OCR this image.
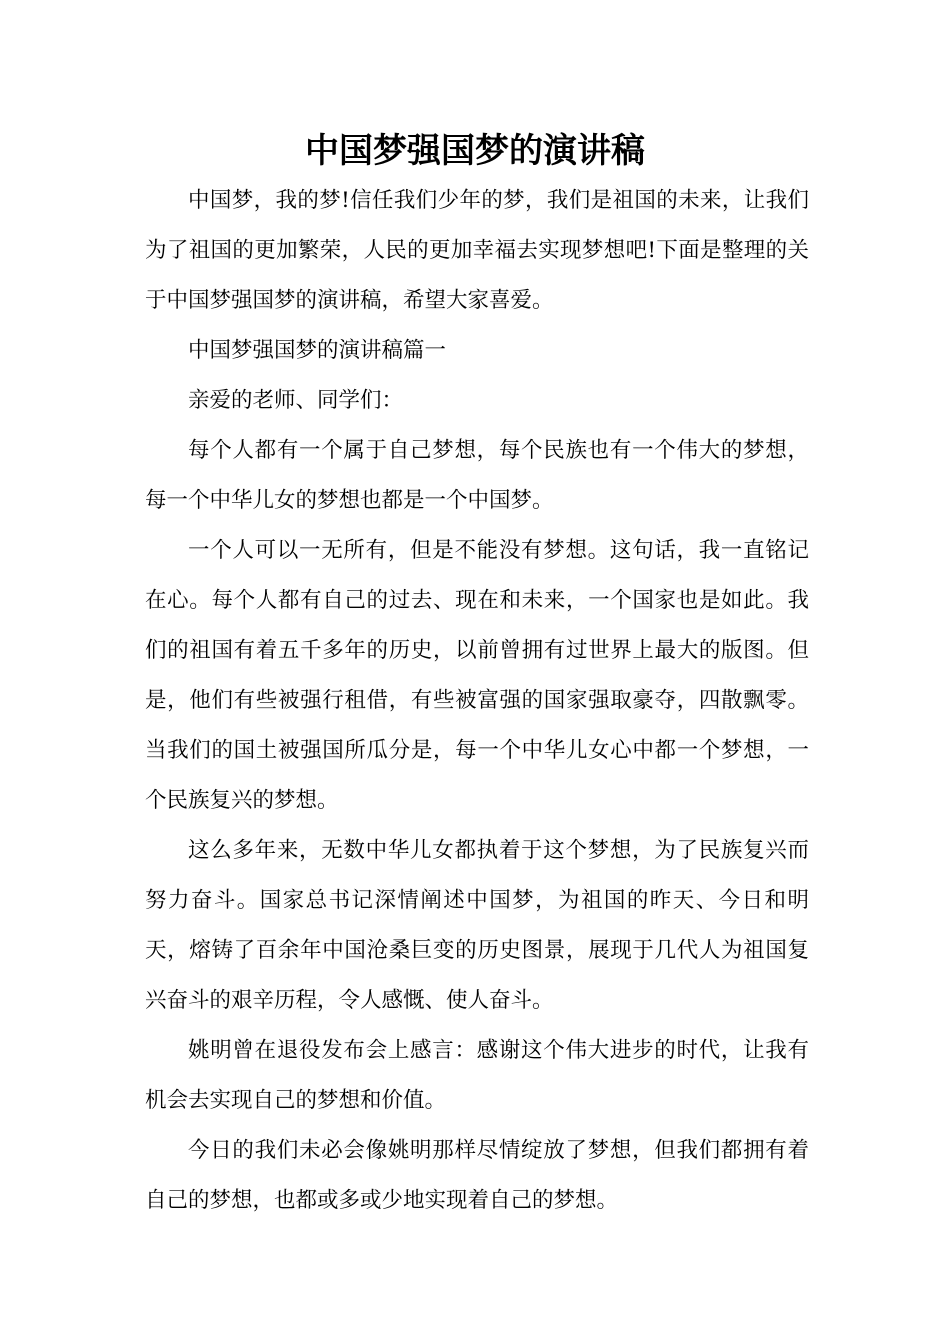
中国梦强国梦的演讲稿

中国梦，我的梦!信任我们少年的梦，我们是祖国的未来，让我们为了祖国的更加繁荣，人民的更加幸福去实现梦想吧!下面是整理的关于中国梦强国梦的演讲稿，希望大家喜爱。

中国梦强国梦的演讲稿篇一

亲爱的老师、同学们：

每个人都有一个属于自己梦想，每个民族也有一个伟大的梦想，每一个中华儿女的梦想也都是一个中国梦。

一个人可以一无所有，但是不能没有梦想。这句话，我一直铭记在心。每个人都有自己的过去、现在和未来，一个国家也是如此。我们的祖国有着五千多年的历史，以前曾拥有过世界上最大的版图。但是，他们有些被强行租借，有些被富强的国家强取豪夺，四散飘零。当我们的国土被强国所瓜分是，每一个中华儿女心中都一个梦想，一个民族复兴的梦想。

这么多年来，无数中华儿女都执着于这个梦想，为了民族复兴而努力奋斗。国家总书记深情阐述中国梦，为祖国的昨天、今日和明天，熔铸了百余年中国沧桑巨变的历史图景，展现于几代人为祖国复兴奋斗的艰辛历程，令人感慨、使人奋斗。

姚明曾在退役发布会上感言：感谢这个伟大进步的时代，让我有机会去实现自己的梦想和价值。

今日的我们未必会像姚明那样尽情绽放了梦想，但我们都拥有着自己的梦想，也都或多或少地实现着自己的梦想。
